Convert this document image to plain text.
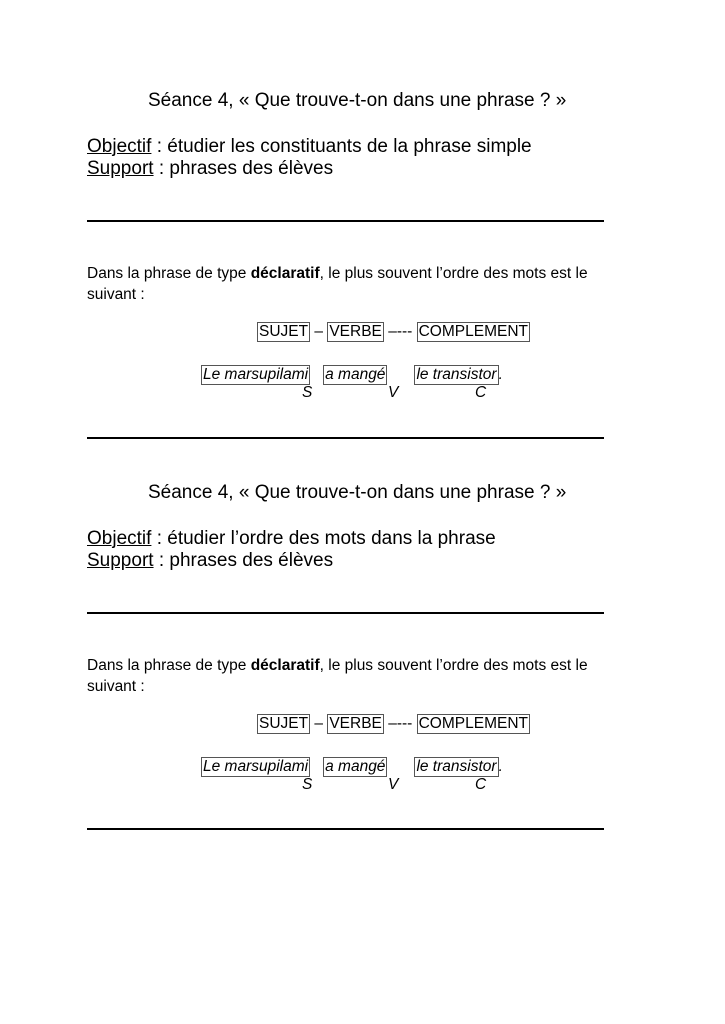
Séance 4, « Que trouve-t-on dans une phrase ? »
Objectif : étudier les constituants de la phrase simple
Support : phrases des élèves
Dans la phrase de type déclaratif, le plus souvent l’ordre des mots est le
suivant :
SUJET – VERBE –--- COMPLEMENT
Le marsupilami a mangé le transistor .
S	V	C
Séance 4, « Que trouve-t-on dans une phrase ? »
Objectif : étudier l’ordre des mots dans la phrase
Support : phrases des élèves
Dans la phrase de type déclaratif, le plus souvent l’ordre des mots est le
suivant :
SUJET – VERBE –--- COMPLEMENT
Le marsupilami a mangé le transistor .
S	V	C
